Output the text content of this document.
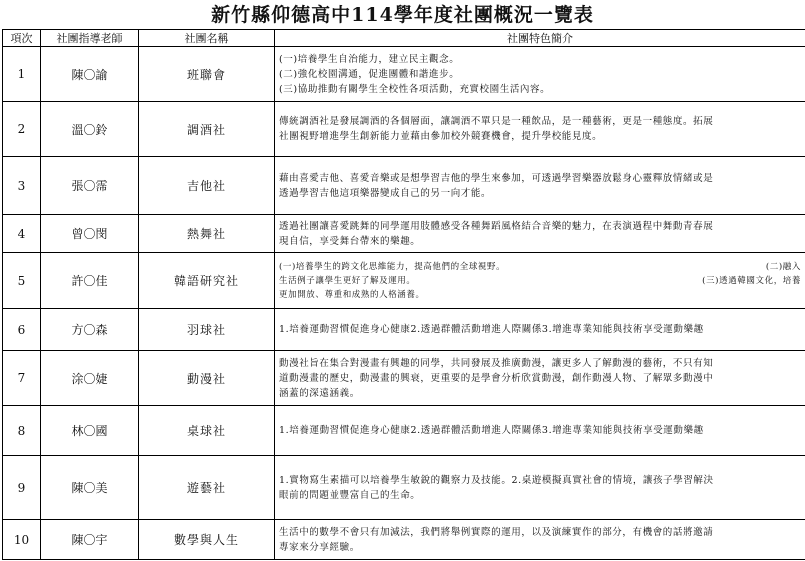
新竹縣仰德高中114學年度社團概況一覽表
項次	社團指導老師	社團名稱	社團特色簡介
1	陳〇諭	班聯會	(一)培養學生自治能力，建立民主觀念。
(二)強化校園溝通，促進團體和諧進步。
(三)協助推動有關學生全校性各項活動，充實校園生活內容。

2	溫〇鈴	調酒社	傳統調酒社是發展調酒的各個層面，讓調酒不單只是一種飲品，是一種藝術，更是一種態度。拓展
社團視野增進學生創新能力並藉由參加校外競賽機會，提升學校能見度。

3	張〇霈	吉他社	藉由喜愛吉他、喜愛音樂或是想學習吉他的學生來參加，可透過學習樂器放鬆身心靈釋放情緒或是
透過學習吉他這項樂器變成自己的另一向才能。

4	曾〇閔	熱舞社	透過社團讓喜愛跳舞的同學運用肢體感受各種舞蹈風格結合音樂的魅力，在表演過程中舞動青春展
現自信，享受舞台帶來的樂趣。

5	許〇佳	韓語研究社	(一)培養學生的跨文化思維能力，提高他們的全球視野。 (二)融入
生活例子讓學生更好了解及運用。 (三)透過韓國文化，培養
更加開放、尊重和成熟的人格涵養。

6	方〇森	羽球社	1.培養運動習慣促進身心健康2.透過群體活動增進人際關係3.增進專業知能與技術享受運動樂趣

7	涂〇婕	動漫社	動漫社旨在集合對漫畫有興趣的同學，共同發展及推廣動漫，讓更多人了解動漫的藝術，不只有知
道動漫畫的歷史，動漫畫的興衰，更重要的是學會分析欣賞動漫，創作動漫人物、了解眾多動漫中
涵蓋的深遠涵義。

8	林〇國	桌球社	1.培養運動習慣促進身心健康2.透過群體活動增進人際關係3.增進專業知能與技術享受運動樂趣

9	陳〇美	遊藝社	1.實物寫生素描可以培養學生敏銳的觀察力及技能。2.桌遊模擬真實社會的情境，讓孩子學習解決
眼前的問題並豐富自己的生命。

10	陳〇宇	數學與人生	生活中的數學不會只有加減法，我們將舉例實際的運用，以及演練實作的部分，有機會的話將邀請
專家來分享經驗。
